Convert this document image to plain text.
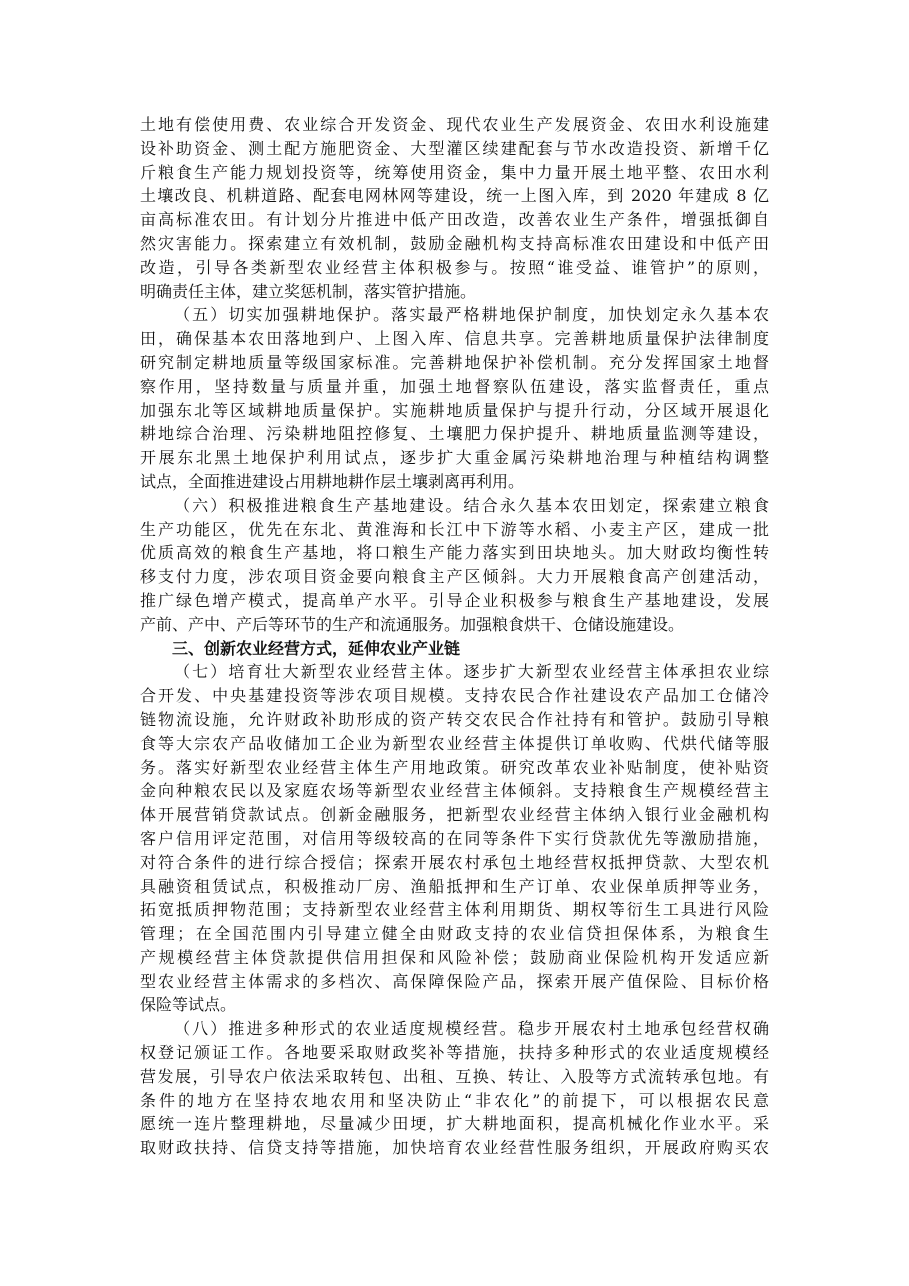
土地有偿使用费、农业综合开发资金、现代农业生产发展资金、农田水利设施建
设补助资金、测土配方施肥资金、大型灌区续建配套与节水改造投资、新增千亿
斤粮食生产能力规划投资等，统筹使用资金，集中力量开展土地平整、农田水利
土壤改良、机耕道路、配套电网林网等建设，统一上图入库，到 2020 年建成 8 亿
亩高标准农田。有计划分片推进中低产田改造，改善农业生产条件，增强抵御自
然灾害能力。探索建立有效机制，鼓励金融机构支持高标准农田建设和中低产田
改造，引导各类新型农业经营主体积极参与。按照“谁受益、谁管护”的原则，
明确责任主体，建立奖惩机制，落实管护措施。
（五）切实加强耕地保护。落实最严格耕地保护制度，加快划定永久基本农
田，确保基本农田落地到户、上图入库、信息共享。完善耕地质量保护法律制度
研究制定耕地质量等级国家标准。完善耕地保护补偿机制。充分发挥国家土地督
察作用，坚持数量与质量并重，加强土地督察队伍建设，落实监督责任，重点
加强东北等区域耕地质量保护。实施耕地质量保护与提升行动，分区域开展退化
耕地综合治理、污染耕地阻控修复、土壤肥力保护提升、耕地质量监测等建设，
开展东北黑土地保护利用试点，逐步扩大重金属污染耕地治理与种植结构调整
试点，全面推进建设占用耕地耕作层土壤剥离再利用。
（六）积极推进粮食生产基地建设。结合永久基本农田划定，探索建立粮食
生产功能区，优先在东北、黄淮海和长江中下游等水稻、小麦主产区，建成一批
优质高效的粮食生产基地，将口粮生产能力落实到田块地头。加大财政均衡性转
移支付力度，涉农项目资金要向粮食主产区倾斜。大力开展粮食高产创建活动，
推广绿色增产模式，提高单产水平。引导企业积极参与粮食生产基地建设，发展
产前、产中、产后等环节的生产和流通服务。加强粮食烘干、仓储设施建设。
三、创新农业经营方式，延伸农业产业链
（七）培育壮大新型农业经营主体。逐步扩大新型农业经营主体承担农业综
合开发、中央基建投资等涉农项目规模。支持农民合作社建设农产品加工仓储冷
链物流设施，允许财政补助形成的资产转交农民合作社持有和管护。鼓励引导粮
食等大宗农产品收储加工企业为新型农业经营主体提供订单收购、代烘代储等服
务。落实好新型农业经营主体生产用地政策。研究改革农业补贴制度，使补贴资
金向种粮农民以及家庭农场等新型农业经营主体倾斜。支持粮食生产规模经营主
体开展营销贷款试点。创新金融服务，把新型农业经营主体纳入银行业金融机构
客户信用评定范围，对信用等级较高的在同等条件下实行贷款优先等激励措施，
对符合条件的进行综合授信；探索开展农村承包土地经营权抵押贷款、大型农机
具融资租赁试点，积极推动厂房、渔船抵押和生产订单、农业保单质押等业务，
拓宽抵质押物范围；支持新型农业经营主体利用期货、期权等衍生工具进行风险
管理；在全国范围内引导建立健全由财政支持的农业信贷担保体系，为粮食生
产规模经营主体贷款提供信用担保和风险补偿；鼓励商业保险机构开发适应新
型农业经营主体需求的多档次、高保障保险产品，探索开展产值保险、目标价格
保险等试点。
（八）推进多种形式的农业适度规模经营。稳步开展农村土地承包经营权确
权登记颁证工作。各地要采取财政奖补等措施，扶持多种形式的农业适度规模经
营发展，引导农户依法采取转包、出租、互换、转让、入股等方式流转承包地。有
条件的地方在坚持农地农用和坚决防止“非农化”的前提下，可以根据农民意
愿统一连片整理耕地，尽量减少田埂，扩大耕地面积，提高机械化作业水平。采
取财政扶持、信贷支持等措施，加快培育农业经营性服务组织，开展政府购买农
